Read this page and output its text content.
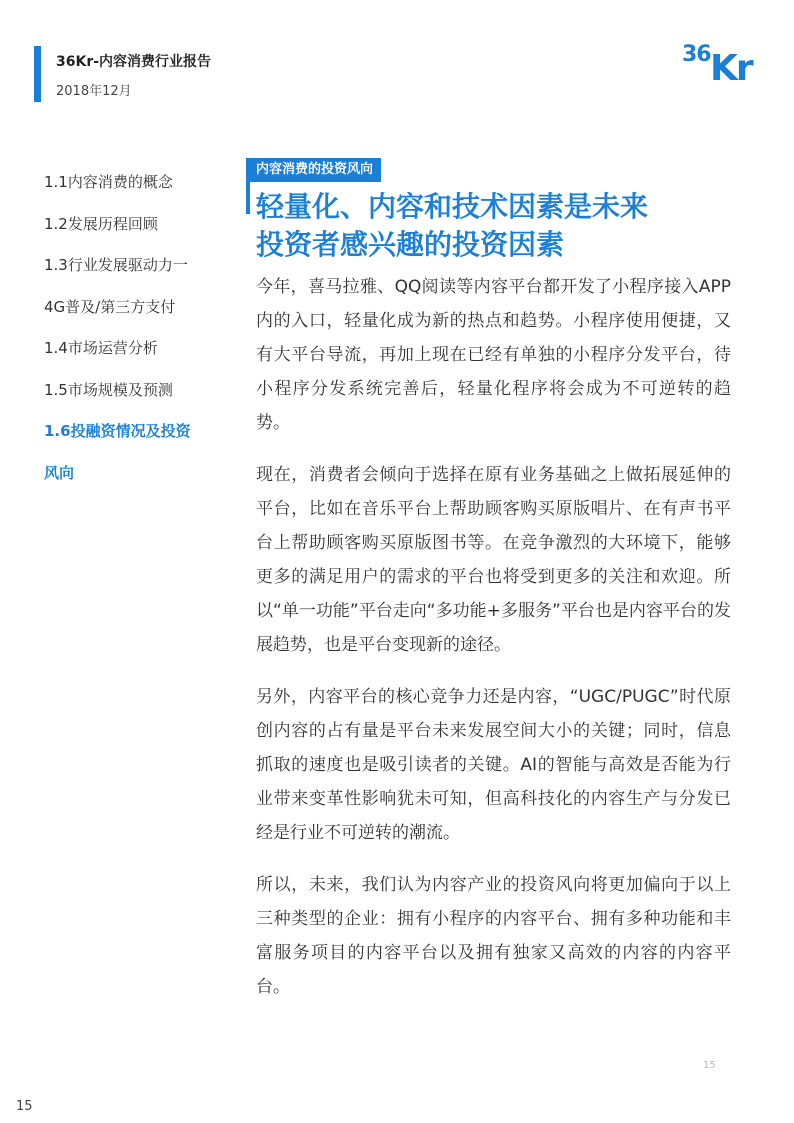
36Kr-内容消费行业报告
2018年12月
36 Kr
1.1内容消费的概念
1.2发展历程回顾
1.3行业发展驱动力一
4G普及/第三方支付
1.4市场运营分析
1.5市场规模及预测
1.6投融资情况及投资
风向
内容消费的投资风向
轻量化、内容和技术因素是未来
投资者感兴趣的投资因素

今年，喜马拉雅、QQ阅读等内容平台都开发了小程序接入APP内的入口，轻量化成为新的热点和趋势。小程序使用便捷，又有大平台导流，再加上现在已经有单独的小程序分发平台，待小程序分发系统完善后，轻量化程序将会成为不可逆转的趋势。

现在，消费者会倾向于选择在原有业务基础之上做拓展延伸的平台，比如在音乐平台上帮助顾客购买原版唱片、在有声书平台上帮助顾客购买原版图书等。在竞争激烈的大环境下，能够更多的满足用户的需求的平台也将受到更多的关注和欢迎。所以“单一功能”平台走向“多功能+多服务”平台也是内容平台的发展趋势，也是平台变现新的途径。

另外，内容平台的核心竞争力还是内容，“UGC/PUGC”时代原创内容的占有量是平台未来发展空间大小的关键；同时，信息抓取的速度也是吸引读者的关键。AI的智能与高效是否能为行业带来变革性影响犹未可知，但高科技化的内容生产与分发已经是行业不可逆转的潮流。

所以，未来，我们认为内容产业的投资风向将更加偏向于以上三种类型的企业：拥有小程序的内容平台、拥有多种功能和丰富服务项目的内容平台以及拥有独家又高效的内容的内容平台。

15
15
